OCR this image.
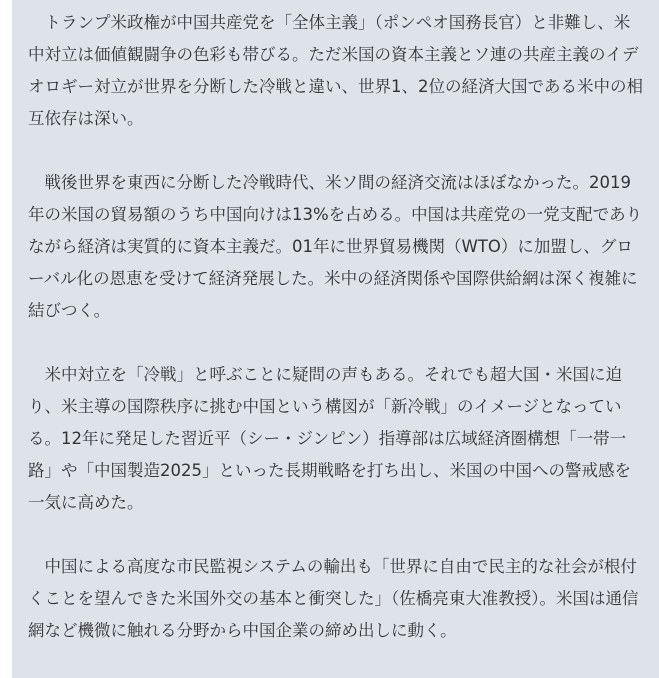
トランプ米政権が中国共産党を「全体主義」（ポンペオ国務長官）と非難し、米中対立は価値観闘争の色彩も帯びる。ただ米国の資本主義とソ連の共産主義のイデオロギー対立が世界を分断した冷戦と違い、世界1、2位の経済大国である米中の相互依存は深い。

戦後世界を東西に分断した冷戦時代、米ソ間の経済交流はほぼなかった。2019年の米国の貿易額のうち中国向けは13%を占める。中国は共産党の一党支配でありながら経済は実質的に資本主義だ。01年に世界貿易機関（WTO）に加盟し、グローバル化の恩恵を受けて経済発展した。米中の経済関係や国際供給網は深く複雑に結びつく。

米中対立を「冷戦」と呼ぶことに疑問の声もある。それでも超大国・米国に迫り、米主導の国際秩序に挑む中国という構図が「新冷戦」のイメージとなっている。12年に発足した習近平（シー・ジンピン）指導部は広域経済圏構想「一帯一路」や「中国製造2025」といった長期戦略を打ち出し、米国の中国への警戒感を一気に高めた。

中国による高度な市民監視システムの輸出も「世界に自由で民主的な社会が根付くことを望んできた米国外交の基本と衝突した」（佐橋亮東大准教授）。米国は通信網など機微に触れる分野から中国企業の締め出しに動く。
